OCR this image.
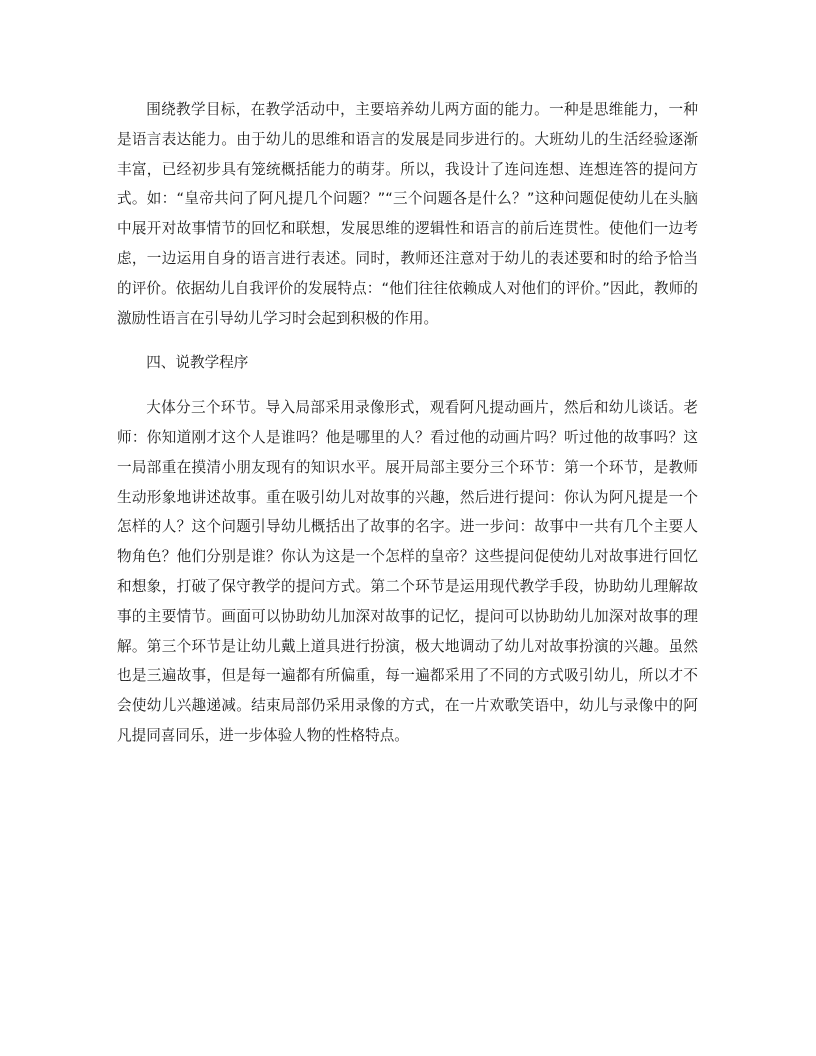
围绕教学目标，在教学活动中，主要培养幼儿两方面的能力。一种是思维能力，一种是语言表达能力。由于幼儿的思维和语言的发展是同步进行的。大班幼儿的生活经验逐渐丰富，已经初步具有笼统概括能力的萌芽。所以，我设计了连问连想、连想连答的提问方式。如：“皇帝共问了阿凡提几个问题？”“三个问题各是什么？”这种问题促使幼儿在头脑中展开对故事情节的回忆和联想，发展思维的逻辑性和语言的前后连贯性。使他们一边考虑，一边运用自身的语言进行表述。同时，教师还注意对于幼儿的表述要和时的给予恰当的评价。依据幼儿自我评价的发展特点：“他们往往依赖成人对他们的评价。”因此，教师的激励性语言在引导幼儿学习时会起到积极的作用。

四、说教学程序

大体分三个环节。导入局部采用录像形式，观看阿凡提动画片，然后和幼儿谈话。老师：你知道刚才这个人是谁吗？他是哪里的人？看过他的动画片吗？听过他的故事吗？这一局部重在摸清小朋友现有的知识水平。展开局部主要分三个环节：第一个环节，是教师生动形象地讲述故事。重在吸引幼儿对故事的兴趣，然后进行提问：你认为阿凡提是一个怎样的人？这个问题引导幼儿概括出了故事的名字。进一步问：故事中一共有几个主要人物角色？他们分别是谁？你认为这是一个怎样的皇帝？这些提问促使幼儿对故事进行回忆和想象，打破了保守教学的提问方式。第二个环节是运用现代教学手段，协助幼儿理解故事的主要情节。画面可以协助幼儿加深对故事的记忆，提问可以协助幼儿加深对故事的理解。第三个环节是让幼儿戴上道具进行扮演，极大地调动了幼儿对故事扮演的兴趣。虽然也是三遍故事，但是每一遍都有所偏重，每一遍都采用了不同的方式吸引幼儿，所以才不会使幼儿兴趣递减。结束局部仍采用录像的方式，在一片欢歌笑语中，幼儿与录像中的阿凡提同喜同乐，进一步体验人物的性格特点。
